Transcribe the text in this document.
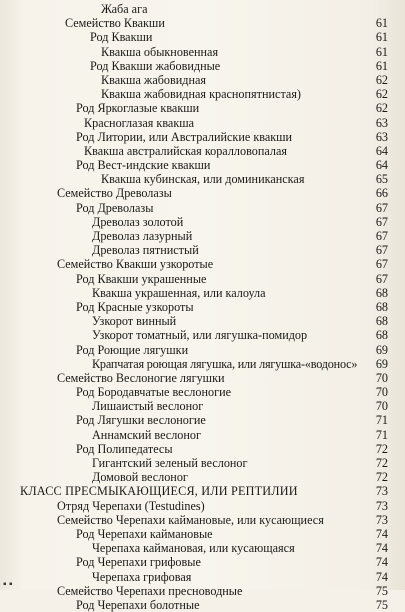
Жаба ага
Семейство Квакши	61
Род Квакши	61
Квакша обыкновенная	61
Род Квакши жабовидные	61
Квакша жабовидная	62
Квакша жабовидная краснопятнистая)	62
Род Яркоглазые квакши	62
Красноглазая квакша	63
Род Литории, или Австралийские квакши	63
Квакша австралийская коралловопалая	64
Род Вест-индские квакши	64
Квакша кубинская, или доминиканская	65
Семейство Древолазы	66
Род Древолазы	67
Древолаз золотой	67
Древолаз лазурный	67
Древолаз пятнистый	67
Семейство Квакши узкоротые	67
Род Квакши украшенные	67
Квакша украшенная, или калоула	68
Род Красные узкороты	68
Узкорот винный	68
Узкорот томатный, или лягушка-помидор	68
Род Роющие лягушки	69
Крапчатая роющая лягушка, или лягушка-«водонос»	69
Семейство Веслоногие лягушки	70
Род Бородавчатые веслоногие	70
Лишаистый веслоног	70
Род Лягушки веслоногие	71
Аннамский веслоног	71
Род Полипедатесы	72
Гигантский зеленый веслоног	72
Домовой веслоног	72
КЛАСС ПРЕСМЫКАЮЩИЕСЯ, ИЛИ РЕПТИЛИИ	73
Отряд Черепахи (Testudines)	73
Семейство Черепахи каймановые, или кусающиеся	73
Род Черепахи каймановые	74
Черепаха каймановая, или кусающаяся	74
Род Черепахи грифовые	74
Черепаха грифовая	74
Семейство Черепахи пресноводные	75
Род Черепахи болотные	75
▪ ▪
